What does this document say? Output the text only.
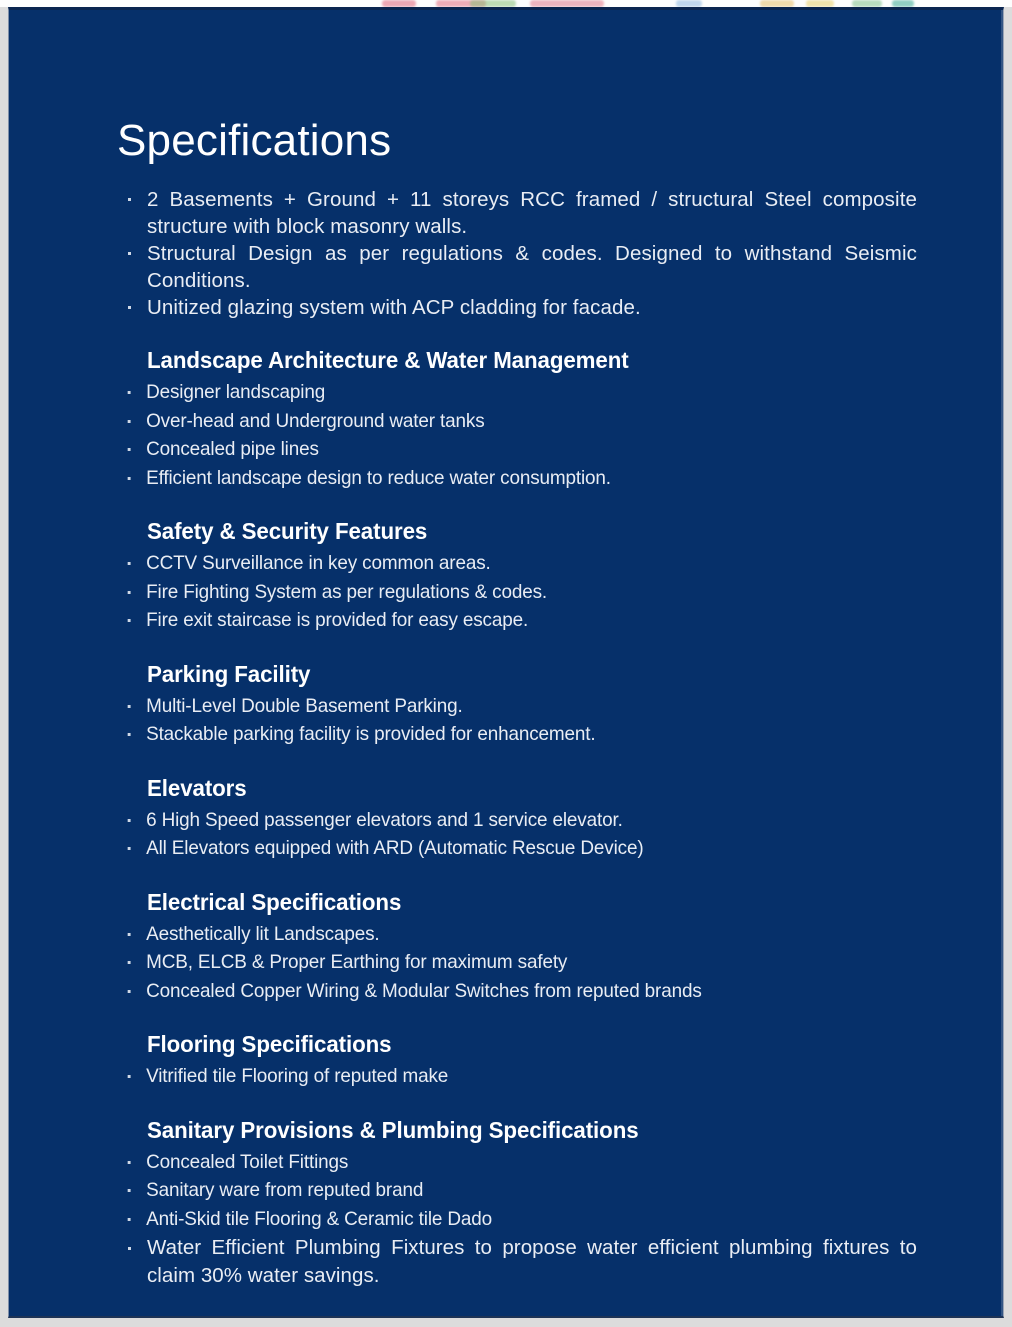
Specifications
2 Basements + Ground + 11 storeys RCC framed / structural Steel composite structure with block masonry walls.
Structural Design as per regulations & codes. Designed to withstand Seismic Conditions.
Unitized glazing system with ACP cladding for facade.
Landscape Architecture & Water Management
Designer landscaping
Over-head and Underground water tanks
Concealed pipe lines
Efficient landscape design to reduce water consumption.
Safety & Security Features
CCTV Surveillance in key common areas.
Fire Fighting System as per regulations & codes.
Fire exit staircase is provided for easy escape.
Parking Facility
Multi-Level Double Basement Parking.
Stackable parking facility is provided for enhancement.
Elevators
6 High Speed passenger elevators and 1 service elevator.
All Elevators equipped with ARD (Automatic Rescue Device)
Electrical Specifications
Aesthetically lit Landscapes.
MCB, ELCB & Proper Earthing for maximum safety
Concealed Copper Wiring & Modular Switches from reputed brands
Flooring Specifications
Vitrified tile Flooring of reputed make
Sanitary Provisions & Plumbing Specifications
Concealed Toilet Fittings
Sanitary ware from reputed brand
Anti-Skid tile Flooring & Ceramic tile Dado
Water Efficient Plumbing Fixtures to propose water efficient plumbing fixtures to claim 30% water savings.
